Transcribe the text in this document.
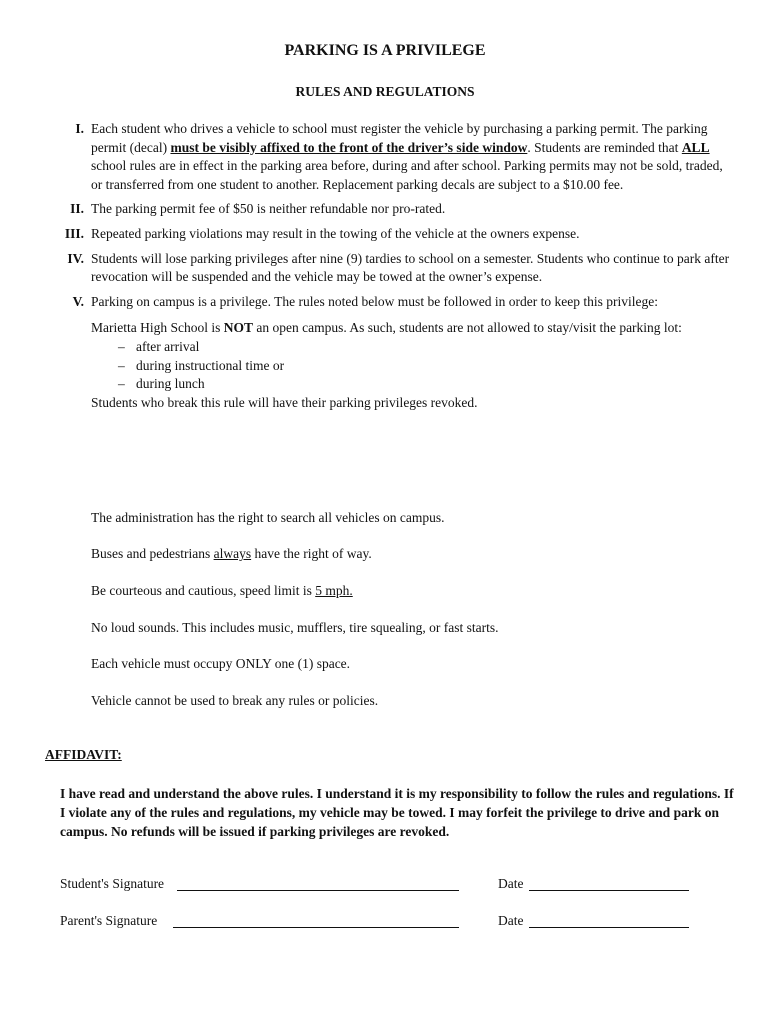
PARKING IS A PRIVILEGE
RULES AND REGULATIONS
I. Each student who drives a vehicle to school must register the vehicle by purchasing a parking permit. The parking permit (decal) must be visibly affixed to the front of the driver’s side window. Students are reminded that ALL school rules are in effect in the parking area before, during and after school. Parking permits may not be sold, traded, or transferred from one student to another. Replacement parking decals are subject to a $10.00 fee.
II. The parking permit fee of $50 is neither refundable nor pro-rated.
III. Repeated parking violations may result in the towing of the vehicle at the owners expense.
IV. Students will lose parking privileges after nine (9) tardies to school on a semester. Students who continue to park after revocation will be suspended and the vehicle may be towed at the owner’s expense.
V. Parking on campus is a privilege. The rules noted below must be followed in order to keep this privilege:
Marietta High School is NOT an open campus. As such, students are not allowed to stay/visit the parking lot:
– after arrival
– during instructional time or
– during lunch
Students who break this rule will have their parking privileges revoked.
The administration has the right to search all vehicles on campus.
Buses and pedestrians always have the right of way.
Be courteous and cautious, speed limit is 5 mph.
No loud sounds. This includes music, mufflers, tire squealing, or fast starts.
Each vehicle must occupy ONLY one (1) space.
Vehicle cannot be used to break any rules or policies.
AFFIDAVIT:
I have read and understand the above rules. I understand it is my responsibility to follow the rules and regulations. If I violate any of the rules and regulations, my vehicle may be towed. I may forfeit the privilege to drive and park on campus. No refunds will be issued if parking privileges are revoked.
Student's Signature	Date
Parent's Signature	Date
